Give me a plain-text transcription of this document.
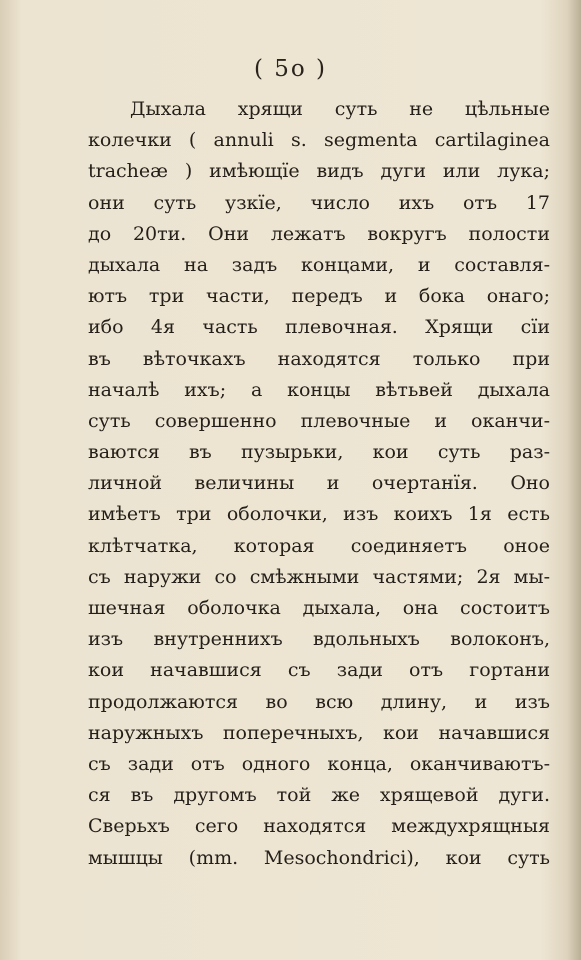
( 5o )
Дыхала хрящи суть не цѣльные
колечки ( annuli s. segmenta cartilaginea
tracheæ ) имѣющїе видъ дуги или лука;
они суть узкїе, число ихъ отъ 17
до 20ти. Они лежатъ вокругъ полости
дыхала на задъ концами, и составля-
ютъ три части, передъ и бока онаго;
ибо 4я часть плевочная. Хрящи сїи
въ вѣточкахъ находятся только при
началѣ ихъ; а концы вѣтьвей дыхала
суть совершенно плевочные и оканчи-
ваются въ пузырьки, кои суть раз-
личной величины и очертанїя. Оно
имѣетъ три оболочки, изъ коихъ 1я есть
клѣтчатка, которая соединяетъ оное
съ наружи со смѣжными частями; 2я мы-
шечная оболочка дыхала, она состоитъ
изъ внутреннихъ вдольныхъ волоконъ,
кои начавшися съ зади отъ гортани
продолжаются во всю длину, и изъ
наружныхъ поперечныхъ, кои начавшися
съ зади отъ одного конца, оканчиваютъ-
ся въ другомъ той же хрящевой дуги.
Сверьхъ сего находятся междухрящныя
мышцы (mm. Mesochondrici), кои суть
